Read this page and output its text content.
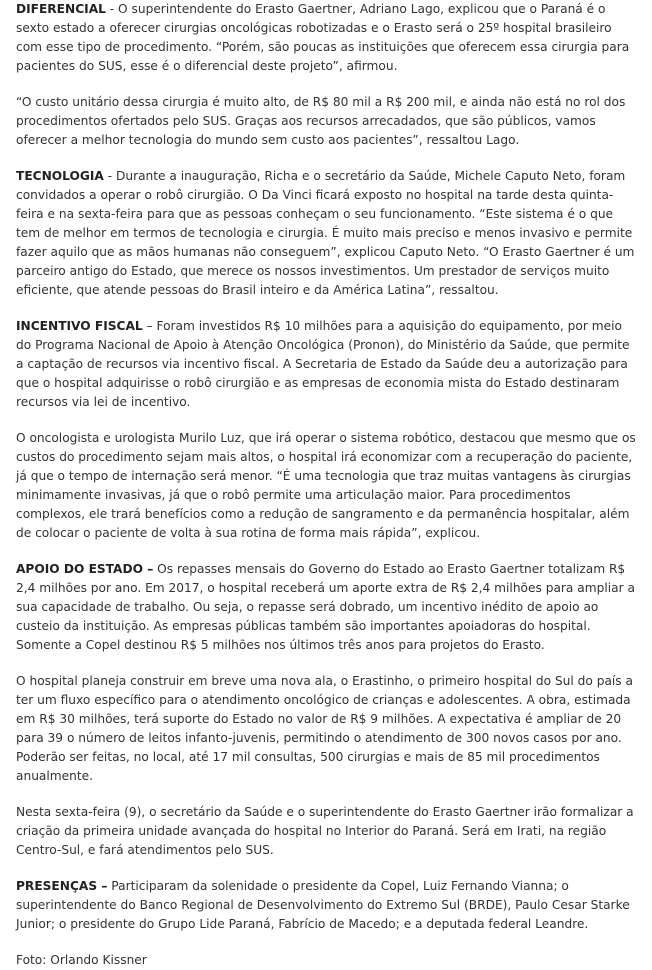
DIFERENCIAL - O superintendente do Erasto Gaertner, Adriano Lago, explicou que o Paraná é o sexto estado a oferecer cirurgias oncológicas robotizadas e o Erasto será o 25º hospital brasileiro com esse tipo de procedimento. “Porém, são poucas as instituições que oferecem essa cirurgia para pacientes do SUS, esse é o diferencial deste projeto”, afirmou.

“O custo unitário dessa cirurgia é muito alto, de R$ 80 mil a R$ 200 mil, e ainda não está no rol dos procedimentos ofertados pelo SUS. Graças aos recursos arrecadados, que são públicos, vamos oferecer a melhor tecnologia do mundo sem custo aos pacientes”, ressaltou Lago.

TECNOLOGIA - Durante a inauguração, Richa e o secretário da Saúde, Michele Caputo Neto, foram convidados a operar o robô cirurgião. O Da Vinci ficará exposto no hospital na tarde desta quinta-feira e na sexta-feira para que as pessoas conheçam o seu funcionamento. “Este sistema é o que tem de melhor em termos de tecnologia e cirurgia. É muito mais preciso e menos invasivo e permite fazer aquilo que as mãos humanas não conseguem”, explicou Caputo Neto. “O Erasto Gaertner é um parceiro antigo do Estado, que merece os nossos investimentos. Um prestador de serviços muito eficiente, que atende pessoas do Brasil inteiro e da América Latina”, ressaltou.

INCENTIVO FISCAL – Foram investidos R$ 10 milhões para a aquisição do equipamento, por meio do Programa Nacional de Apoio à Atenção Oncológica (Pronon), do Ministério da Saúde, que permite a captação de recursos via incentivo fiscal. A Secretaria de Estado da Saúde deu a autorização para que o hospital adquirisse o robô cirurgião e as empresas de economia mista do Estado destinaram recursos via lei de incentivo.

O oncologista e urologista Murilo Luz, que irá operar o sistema robótico, destacou que mesmo que os custos do procedimento sejam mais altos, o hospital irá economizar com a recuperação do paciente, já que o tempo de internação será menor. “É uma tecnologia que traz muitas vantagens às cirurgias minimamente invasivas, já que o robô permite uma articulação maior. Para procedimentos complexos, ele trará benefícios como a redução de sangramento e da permanência hospitalar, além de colocar o paciente de volta à sua rotina de forma mais rápida”, explicou.

APOIO DO ESTADO – Os repasses mensais do Governo do Estado ao Erasto Gaertner totalizam R$ 2,4 milhões por ano. Em 2017, o hospital receberá um aporte extra de R$ 2,4 milhões para ampliar a sua capacidade de trabalho. Ou seja, o repasse será dobrado, um incentivo inédito de apoio ao custeio da instituição. As empresas públicas também são importantes apoiadoras do hospital. Somente a Copel destinou R$ 5 milhões nos últimos três anos para projetos do Erasto.

O hospital planeja construir em breve uma nova ala, o Erastinho, o primeiro hospital do Sul do país a ter um fluxo específico para o atendimento oncológico de crianças e adolescentes. A obra, estimada em R$ 30 milhões, terá suporte do Estado no valor de R$ 9 milhões. A expectativa é ampliar de 20 para 39 o número de leitos infanto-juvenis, permitindo o atendimento de 300 novos casos por ano. Poderão ser feitas, no local, até 17 mil consultas, 500 cirurgias e mais de 85 mil procedimentos anualmente.

Nesta sexta-feira (9), o secretário da Saúde e o superintendente do Erasto Gaertner irão formalizar a criação da primeira unidade avançada do hospital no Interior do Paraná. Será em Irati, na região Centro-Sul, e fará atendimentos pelo SUS.

PRESENÇAS – Participaram da solenidade o presidente da Copel, Luiz Fernando Vianna; o superintendente do Banco Regional de Desenvolvimento do Extremo Sul (BRDE), Paulo Cesar Starke Junior; o presidente do Grupo Lide Paraná, Fabrício de Macedo; e a deputada federal Leandre.

Foto: Orlando Kissner
